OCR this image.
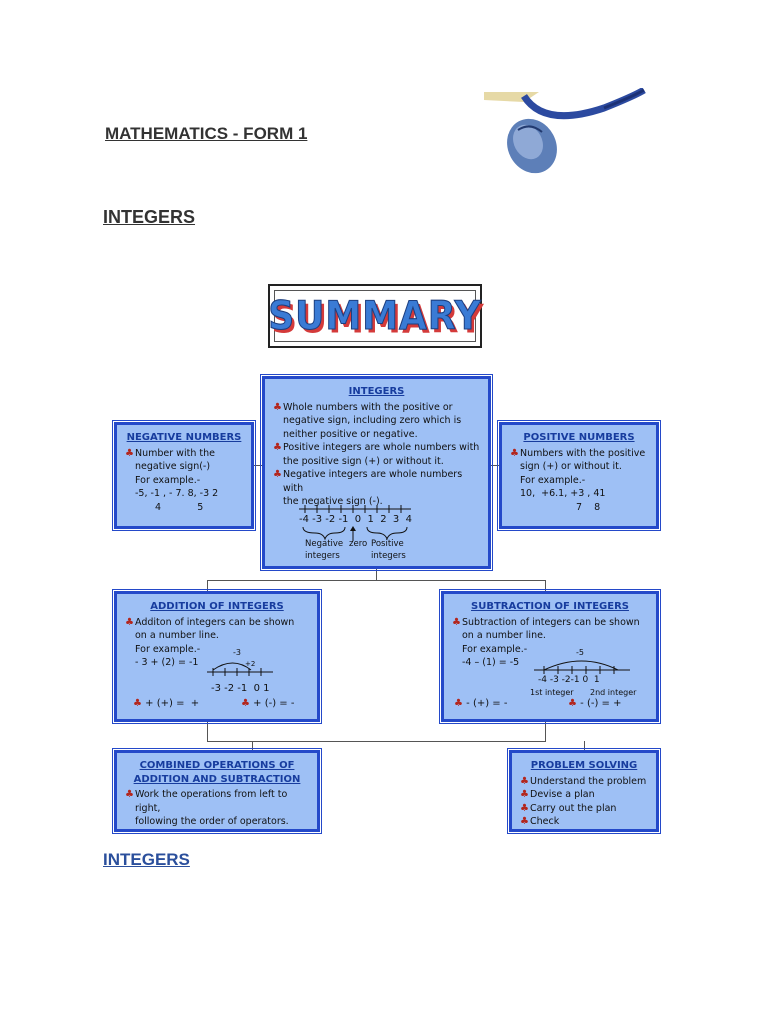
MATHEMATICS - FORM 1
INTEGERS
INTEGERS
SUMMARY
INTEGERS
♣ Whole numbers with the positive or
negative sign, including zero which is
neither positive or negative.
♣ Positive integers are whole numbers with
the positive sign (+) or without it.
♣ Negative integers are whole numbers with
the negative sign (-).
-4 -3 -2 -1  0  1  2  3  4
Negative
integers
zero Positive
integers
NEGATIVE NUMBERS
♣ Number with the
negative sign(-)
For example.-
-5, -1 , - 7. 8, -3 2
4            5
POSITIVE NUMBERS
♣ Numbers with the positive
sign (+) or without it.
For example.-
10,  +6.1, +3 , 41
7    8
ADDITION OF INTEGERS
♣ Additon of integers can be shown
on a number line.
For example.-
- 3 + (2) = -1
-3
+2
-3 -2 -1  0 1
♣ + (+) =  +	♣ + (-) = -
SUBTRACTION OF INTEGERS
♣ Subtraction of integers can be shown
on a number line.
For example.-
-4 – (1) = -5
-5
-4 -3 -2-1 0  1
1st integer 2nd integer
♣ - (+) = -	♣ - (-) = +
COMBINED OPERATIONS OF
ADDITION AND SUBTRACTION
♣ Work the operations from left to right,
following the order of operators.
PROBLEM SOLVING
♣ Understand the problem
♣ Devise a plan
♣ Carry out the plan
♣ Check
